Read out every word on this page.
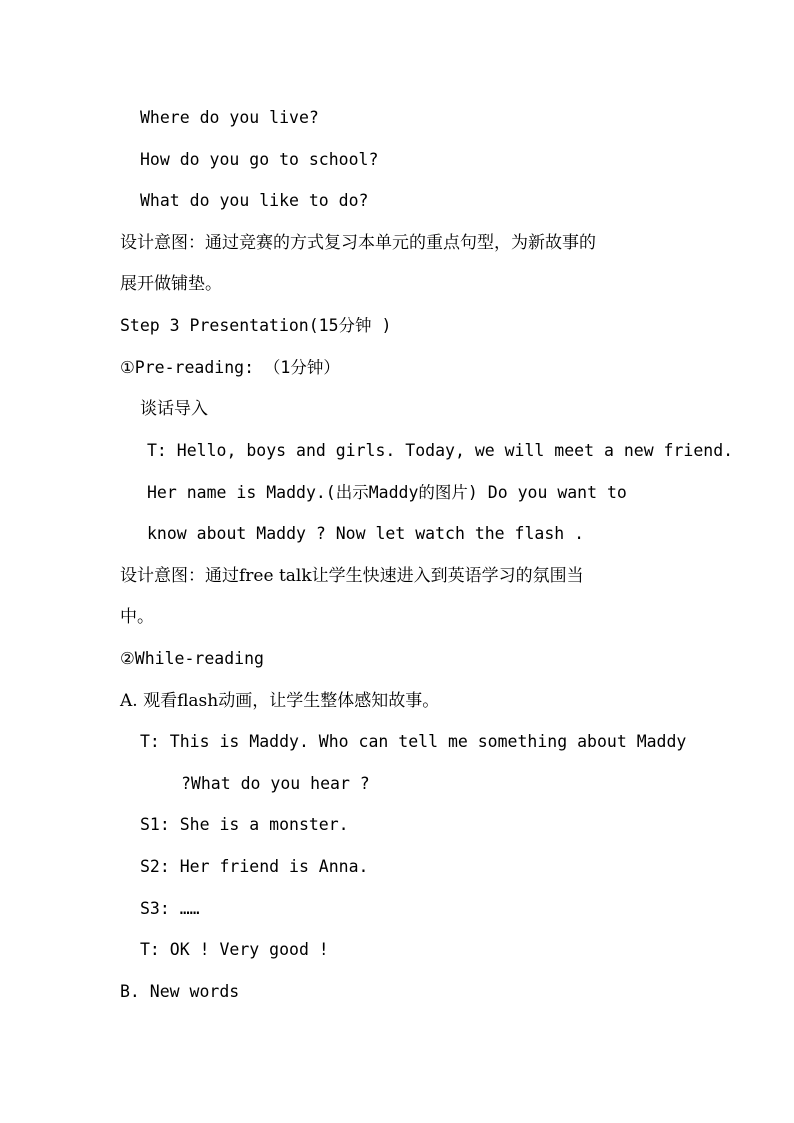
Where do you live?
How do you go to school?
What do you like to do?
设计意图：通过竞赛的方式复习本单元的重点句型，为新故事的
展开做铺垫。
Step 3 Presentation(15分钟 )
①Pre-reading: （1分钟）
谈话导入
T: Hello, boys and girls. Today, we will meet a new friend.
Her name is Maddy.(出示Maddy的图片) Do you want to
know about Maddy ? Now let watch the flash .
设计意图：通过free talk让学生快速进入到英语学习的氛围当
中。
②While-reading
A. 观看flash动画，让学生整体感知故事。
T: This is Maddy. Who can tell me something about Maddy
?What do you hear ?
S1: She is a monster.
S2: Her friend is Anna.
S3: ……
T: OK ! Very good !
B. New words
